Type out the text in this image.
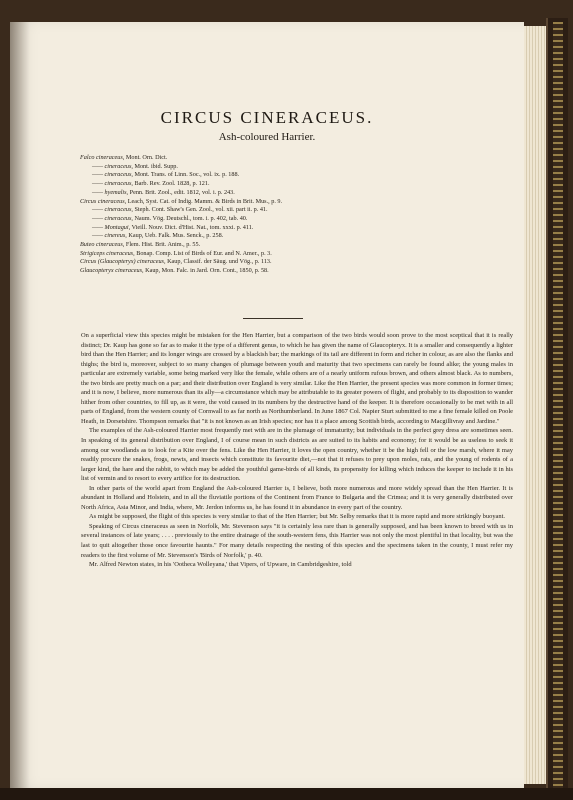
CIRCUS CINERACEUS.
Ash-coloured Harrier.
Falco cineraceus, Mont. Orn. Dict.
—— cineraceus, Mont. ibid. Supp.
—— cineraceus, Mont. Trans. of Linn. Soc., vol. ix. p. 188.
—— cineraceus, Barb. Rev. Zool. 1828, p. 121.
—— hyemalis, Penn. Brit. Zool., edit. 1812, vol. i. p. 243.
Circus cineraceus, Leach, Syst. Cat. of Indig. Mamm. & Birds in Brit. Mus., p. 9.
—— cineraceus, Steph. Cont. Shaw's Gen. Zool., vol. xii. part ii. p. 41.
—— cineraceus, Naum. Vög. Deutschl., tom. i. p. 402, tab. 40.
—— Montagui, Vieill. Nouv. Dict. d'Hist. Nat., tom. xxxi. p. 411.
—— cinereus, Kaup, Ueb. Falk. Mus. Senck., p. 258.
Buteo cineraceus, Flem. Hist. Brit. Anim., p. 55.
Strigiceps cineraceus, Bonap. Comp. List of Birds of Eur. and N. Amer., p. 3.
Circus (Glaucopteryx) cineraceus, Kaup, Classif. der Säug. und Vög., p. 113.
Glaucopteryx cineraceus, Kaup, Mon. Falc. in Jard. Orn. Cont., 1850, p. 58.

On a superficial view this species might be mistaken for the Hen Harrier, but a comparison of the two birds would soon prove to the most sceptical that it is really distinct; Dr. Kaup has gone so far as to make it the type of a different genus, to which he has given the name of Glaucopteryx. It is a smaller and consequently a lighter bird than the Hen Harrier; and its longer wings are crossed by a blackish bar; the markings of its tail are different in form and richer in colour, as are also the flanks and thighs; the bird is, moreover, subject to so many changes of plumage between youth and maturity that two specimens can rarely be found alike; the young males in particular are extremely variable, some being marked very like the female, while others are of a nearly uniform rufous brown, and others almost black. As to numbers, the two birds are pretty much on a par; and their distribution over England is very similar. Like the Hen Harrier, the present species was more common in former times; and it is now, I believe, more numerous than its ally—a circumstance which may be attributable to its greater powers of flight, and probably to its disposition to wander hither from other countries, to fill up, as it were, the void caused in its numbers by the destructive hand of the keeper. It is therefore occasionally to be met with in all parts of England, from the western county of Cornwall to as far north as Northumberland. In June 1867 Col. Napier Sturt submitted to me a fine female killed on Poole Heath, in Dorsetshire. Thompson remarks that "it is not known as an Irish species; nor has it a place among Scottish birds, according to Macgillivray and Jardine."

The examples of the Ash-coloured Harrier most frequently met with are in the plumage of immaturity; but individuals in the perfect grey dress are sometimes seen. In speaking of its general distribution over England, I of course mean in such districts as are suited to its habits and economy; for it would be as useless to seek it among our woodlands as to look for a Kite over the fens. Like the Hen Harrier, it loves the open country, whether it be the high fell or the low marsh, where it may readily procure the snakes, frogs, newts, and insects which constitute its favourite diet,—not that it refuses to prey upon moles, rats, and the young of rodents of a larger kind, the hare and the rabbit, to which may be added the youthful game-birds of all kinds, its propensity for killing which induces the keeper to include it in his list of vermin and to resort to every artifice for its destruction.

In other parts of the world apart from England the Ash-coloured Harrier is, I believe, both more numerous and more widely spread than the Hen Harrier. It is abundant in Holland and Holstein, and in all the fluviatile portions of the Continent from France to Bulgaria and the Crimea; and it is very generally distributed over North Africa, Asia Minor, and India, where, Mr. Jerdon informs us, he has found it in abundance in every part of the country.

As might be supposed, the flight of this species is very similar to that of the Hen Harrier; but Mr. Selby remarks that it is more rapid and more strikingly buoyant.

Speaking of Circus cineraceus as seen in Norfolk, Mr. Stevenson says "it is certainly less rare than is generally supposed, and has been known to breed with us in several instances of late years; . . . . previously to the entire drainage of the south-western fens, this Harrier was not only the most plentiful in that locality, but was the last to quit altogether those once favourite haunts." For many details respecting the nesting of this species and the specimens taken in the county, I must refer my readers to the first volume of Mr. Stevenson's 'Birds of Norfolk,' p. 40.

Mr. Alfred Newton states, in his 'Ootheca Wolleyana,' that Vipers, of Upware, in Cambridgeshire, told
